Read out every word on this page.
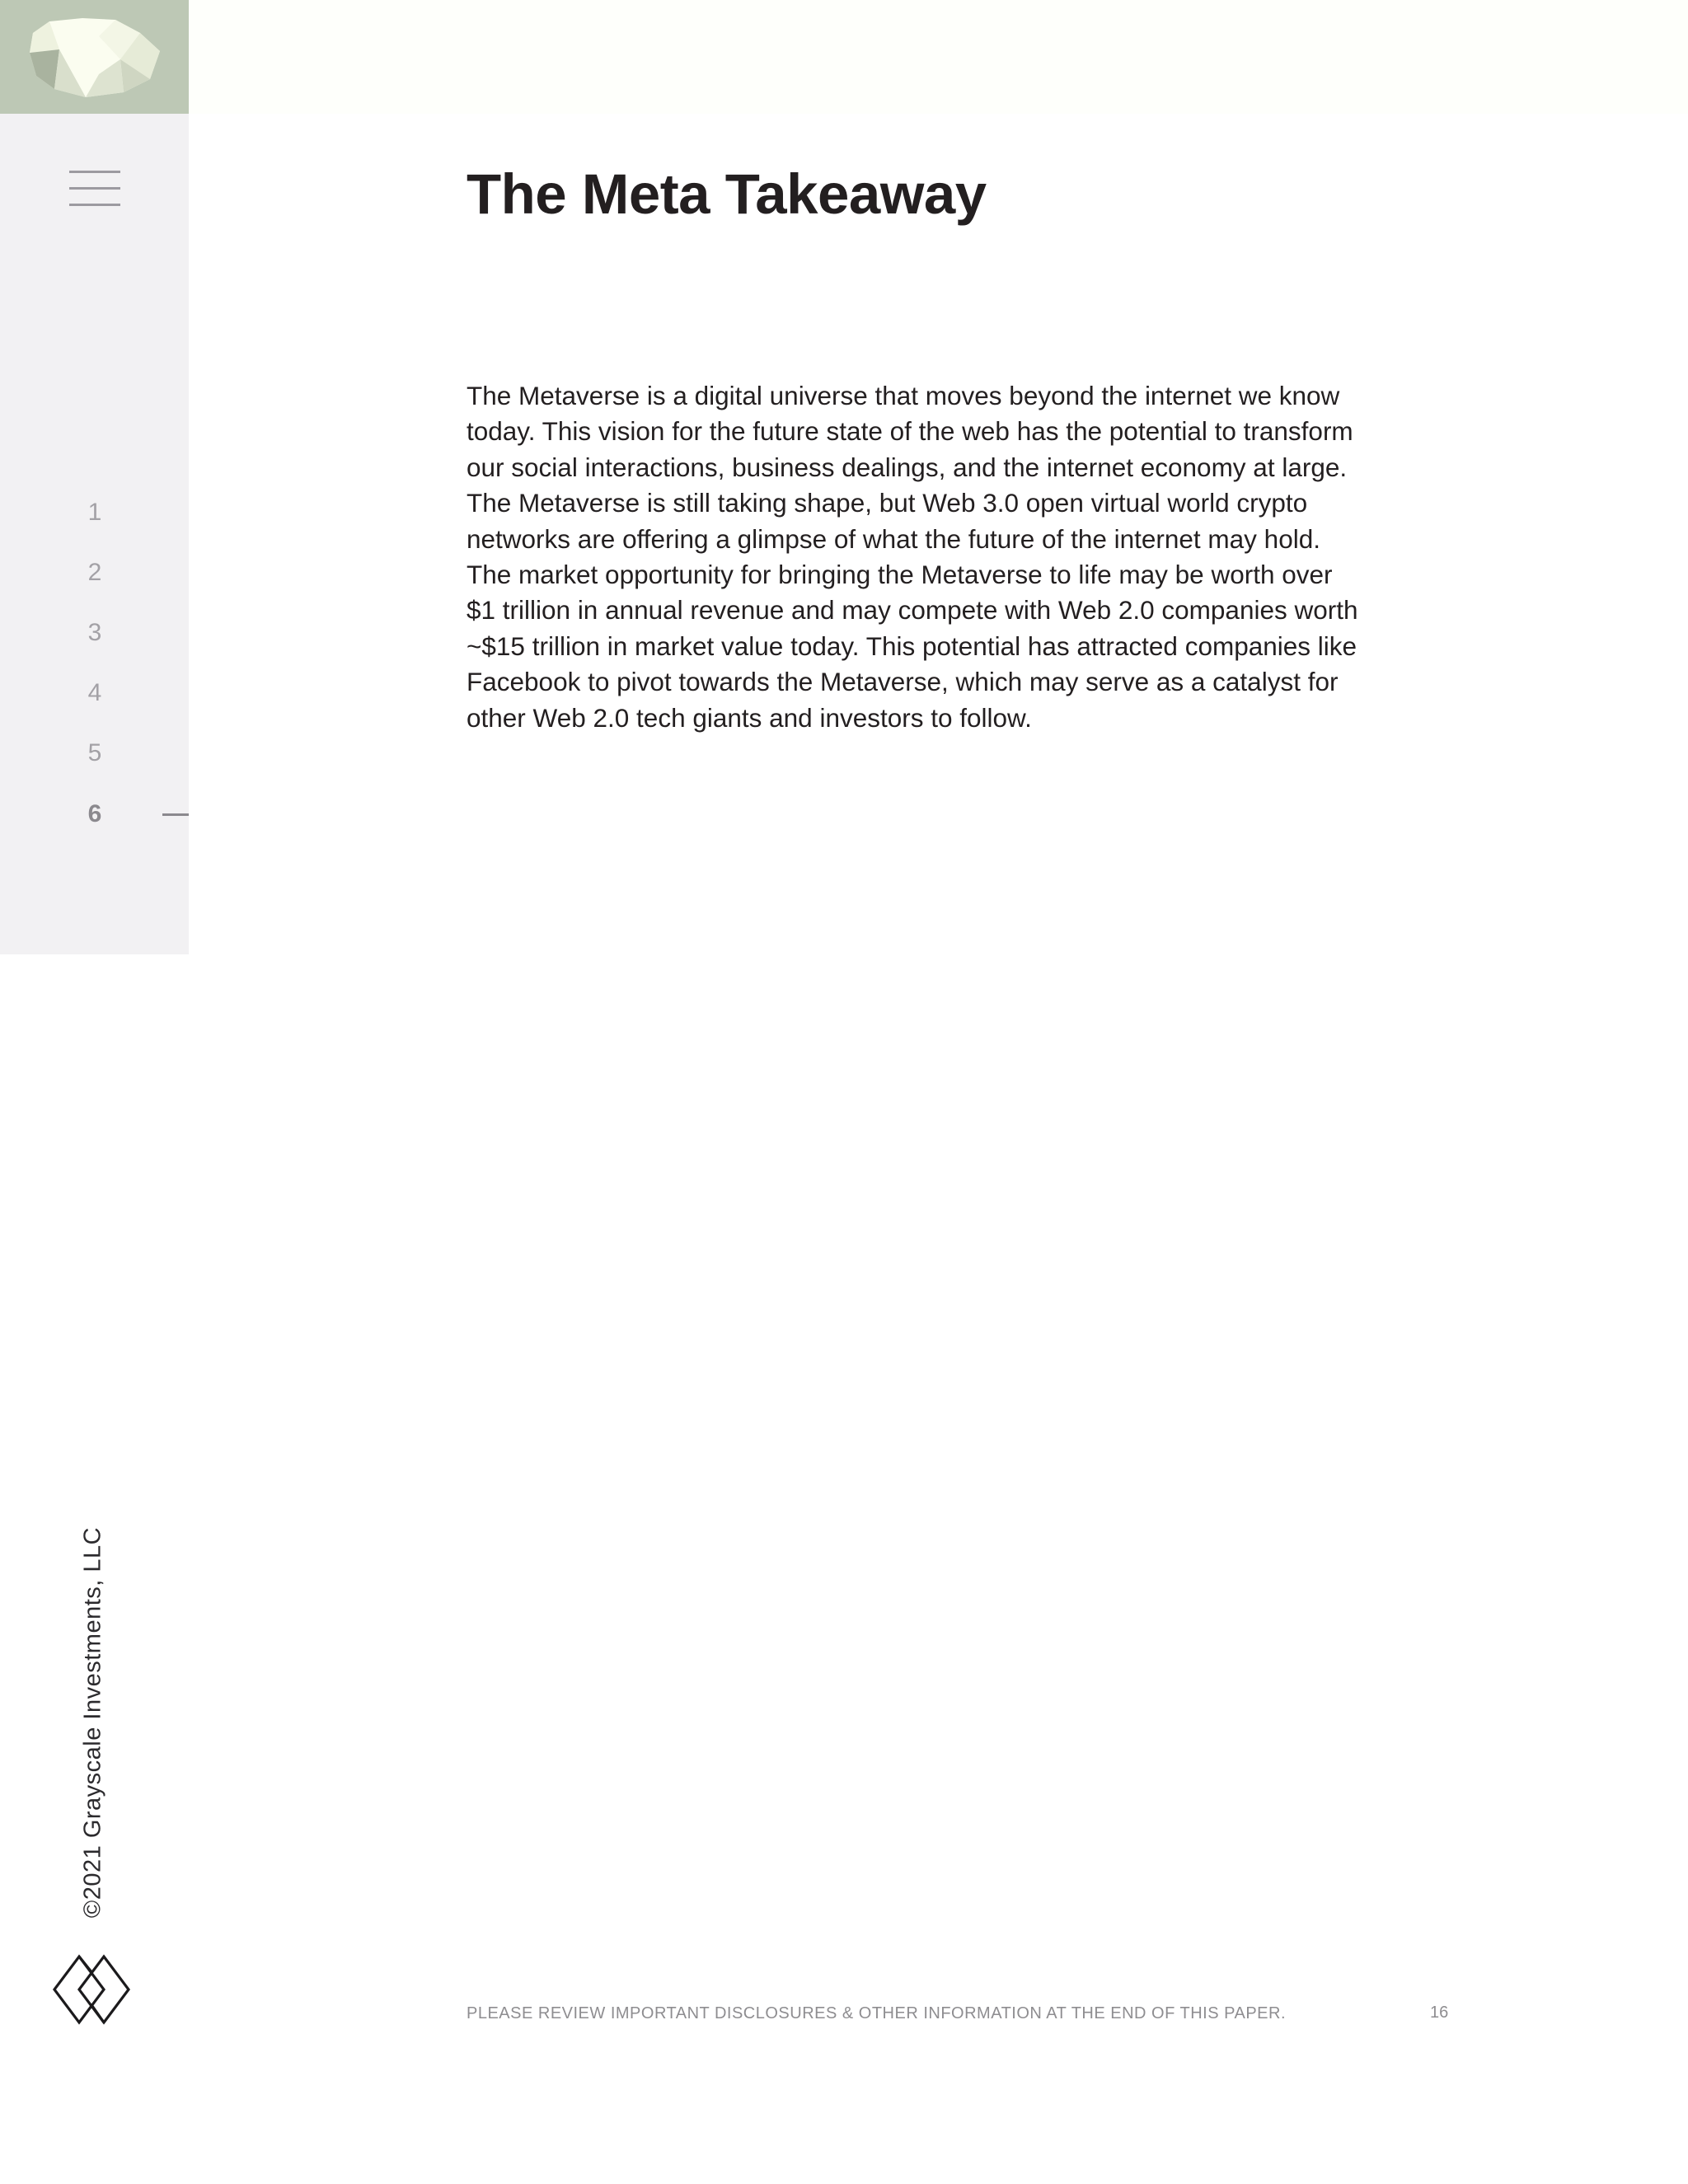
1
2
3
4
5
6
©2021 Grayscale Investments, LLC
The Meta Takeaway

The Metaverse is a digital universe that moves beyond the internet we know
today. This vision for the future state of the web has the potential to transform
our social interactions, business dealings, and the internet economy at large.
The Metaverse is still taking shape, but Web 3.0 open virtual world crypto
networks are offering a glimpse of what the future of the internet may hold.
The market opportunity for bringing the Metaverse to life may be worth over
$1 trillion in annual revenue and may compete with Web 2.0 companies worth
~$15 trillion in market value today. This potential has attracted companies like
Facebook to pivot towards the Metaverse, which may serve as a catalyst for
other Web 2.0 tech giants and investors to follow.

PLEASE REVIEW IMPORTANT DISCLOSURES & OTHER INFORMATION AT THE END OF THIS PAPER.	16
